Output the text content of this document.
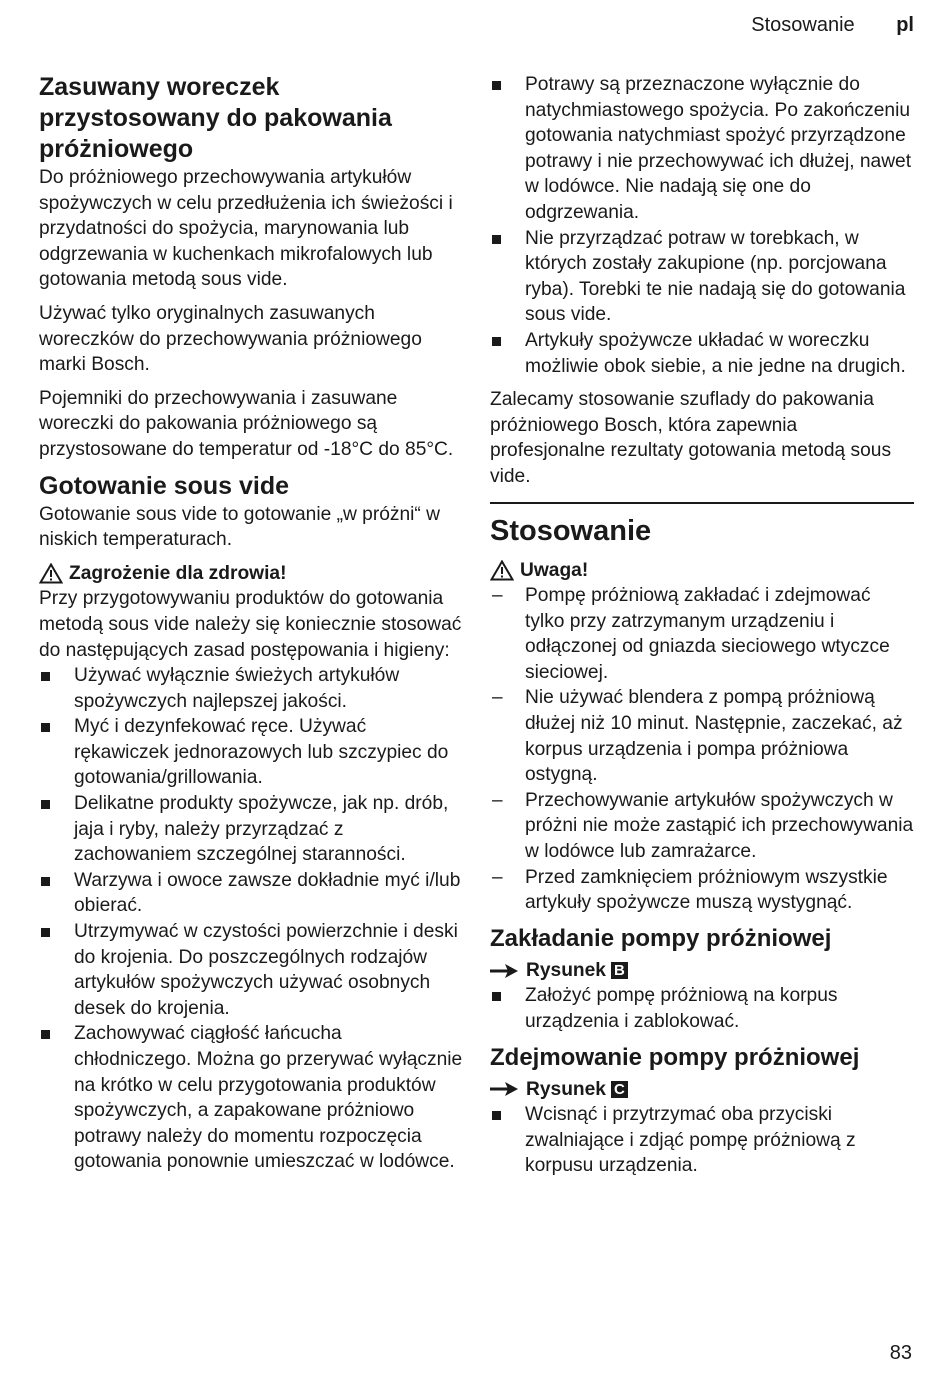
Stosowanie pl
Zasuwany woreczek przystosowany do pakowania próżniowego

Do próżniowego przechowywania artykułów spożywczych w celu przedłużenia ich świeżości i przydatności do spożycia, marynowania lub odgrzewania w kuchenkach mikrofalowych lub gotowania metodą sous vide.

Używać tylko oryginalnych zasuwanych woreczków do przechowywania próżniowego marki Bosch.

Pojemniki do przechowywania i zasuwane woreczki do pakowania próżniowego są przystosowane do temperatur od -18°C do 85°C.

Gotowanie sous vide

Gotowanie sous vide to gotowanie „w próżni“ w niskich temperaturach.

Zagrożenie dla zdrowia!

Przy przygotowywaniu produktów do gotowania metodą sous vide należy się koniecznie stosować do następujących zasad postępowania i higieny:

Używać wyłącznie świeżych artykułów spożywczych najlepszej jakości.
Myć i dezynfekować ręce. Używać rękawiczek jednorazowych lub szczypiec do gotowania/grillowania.
Delikatne produkty spożywcze, jak np. drób, jaja i ryby, należy przyrządzać z zachowaniem szczególnej staranności.
Warzywa i owoce zawsze dokładnie myć i/lub obierać.
Utrzymywać w czystości powierzchnie i deski do krojenia. Do poszczególnych rodzajów artykułów spożywczych używać osobnych desek do krojenia.
Zachowywać ciągłość łańcucha chłodniczego. Można go przerywać wyłącznie na krótko w celu przygotowania produktów spożywczych, a zapakowane próżniowo potrawy należy do momentu rozpoczęcia gotowania ponownie umieszczać w lodówce.
Potrawy są przeznaczone wyłącznie do natychmiastowego spożycia. Po zakończeniu gotowania natychmiast spożyć przyrządzone potrawy i nie przechowywać ich dłużej, nawet w lodówce. Nie nadają się one do odgrzewania.
Nie przyrządzać potraw w torebkach, w których zostały zakupione (np. porcjowana ryba). Torebki te nie nadają się do gotowania sous vide.
Artykuły spożywcze układać w woreczku możliwie obok siebie, a nie jedne na drugich.

Zalecamy stosowanie szuflady do pakowania próżniowego Bosch, która zapewnia profesjonalne rezultaty gotowania metodą sous vide.

Stosowanie
Uwaga!
– Pompę próżniową zakładać i zdejmować tylko przy zatrzymanym urządzeniu i odłączonej od gniazda sieciowego wtyczce sieciowej.
– Nie używać blendera z pompą próżniową dłużej niż 10 minut. Następnie, zaczekać, aż korpus urządzenia i pompa próżniowa ostygną.
– Przechowywanie artykułów spożywczych w próżni nie może zastąpić ich przechowywania w lodówce lub zamrażarce.
– Przed zamknięciem próżniowym wszystkie artykuły spożywcze muszą wystygnąć.
Zakładanie pompy próżniowej
Rysunek B
Założyć pompę próżniową na korpus urządzenia i zablokować.
Zdejmowanie pompy próżniowej
Rysunek C
Wcisnąć i przytrzymać oba przyciski zwalniające i zdjąć pompę próżniową z korpusu urządzenia.
83
